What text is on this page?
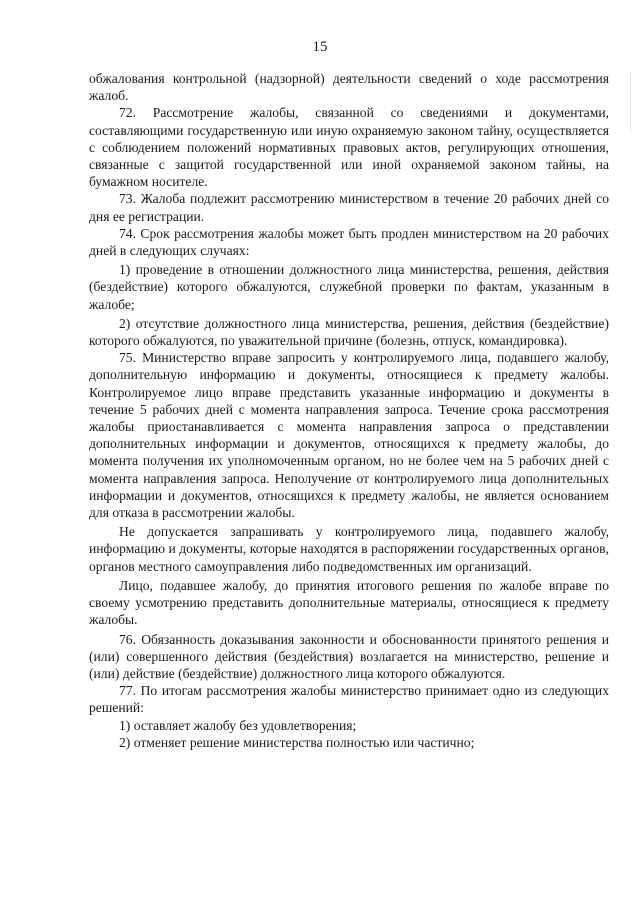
15

обжалования контрольной (надзорной) деятельности сведений о ходе рассмотрения жалоб.

72. Рассмотрение жалобы, связанной со сведениями и документами, составляющими государственную или иную охраняемую законом тайну, осуществляется с соблюдением положений нормативных правовых актов, регулирующих отношения, связанные с защитой государственной или иной охраняемой законом тайны, на бумажном носителе.

73. Жалоба подлежит рассмотрению министерством в течение 20 рабочих дней со дня ее регистрации.

74. Срок рассмотрения жалобы может быть продлен министерством на 20 рабочих дней в следующих случаях:

1) проведение в отношении должностного лица министерства, решения, действия (бездействие) которого обжалуются, служебной проверки по фактам, указанным в жалобе;

2) отсутствие должностного лица министерства, решения, действия (бездействие) которого обжалуются, по уважительной причине (болезнь, отпуск, командировка).

75. Министерство вправе запросить у контролируемого лица, подавшего жалобу, дополнительную информацию и документы, относящиеся к предмету жалобы. Контролируемое лицо вправе представить указанные информацию и документы в течение 5 рабочих дней с момента направления запроса. Течение срока рассмотрения жалобы приостанавливается с момента направления запроса о представлении дополнительных информации и документов, относящихся к предмету жалобы, до момента получения их уполномоченным органом, но не более чем на 5 рабочих дней с момента направления запроса. Неполучение от контролируемого лица дополнительных информации и документов, относящихся к предмету жалобы, не является основанием для отказа в рассмотрении жалобы.

Не допускается запрашивать у контролируемого лица, подавшего жалобу, информацию и документы, которые находятся в распоряжении государственных органов, органов местного самоуправления либо подведомственных им организаций.

Лицо, подавшее жалобу, до принятия итогового решения по жалобе вправе по своему усмотрению представить дополнительные материалы, относящиеся к предмету жалобы.

76. Обязанность доказывания законности и обоснованности принятого решения и (или) совершенного действия (бездействия) возлагается на министерство, решение и (или) действие (бездействие) должностного лица которого обжалуются.

77. По итогам рассмотрения жалобы министерство принимает одно из следующих решений:

1) оставляет жалобу без удовлетворения;

2) отменяет решение министерства полностью или частично;
